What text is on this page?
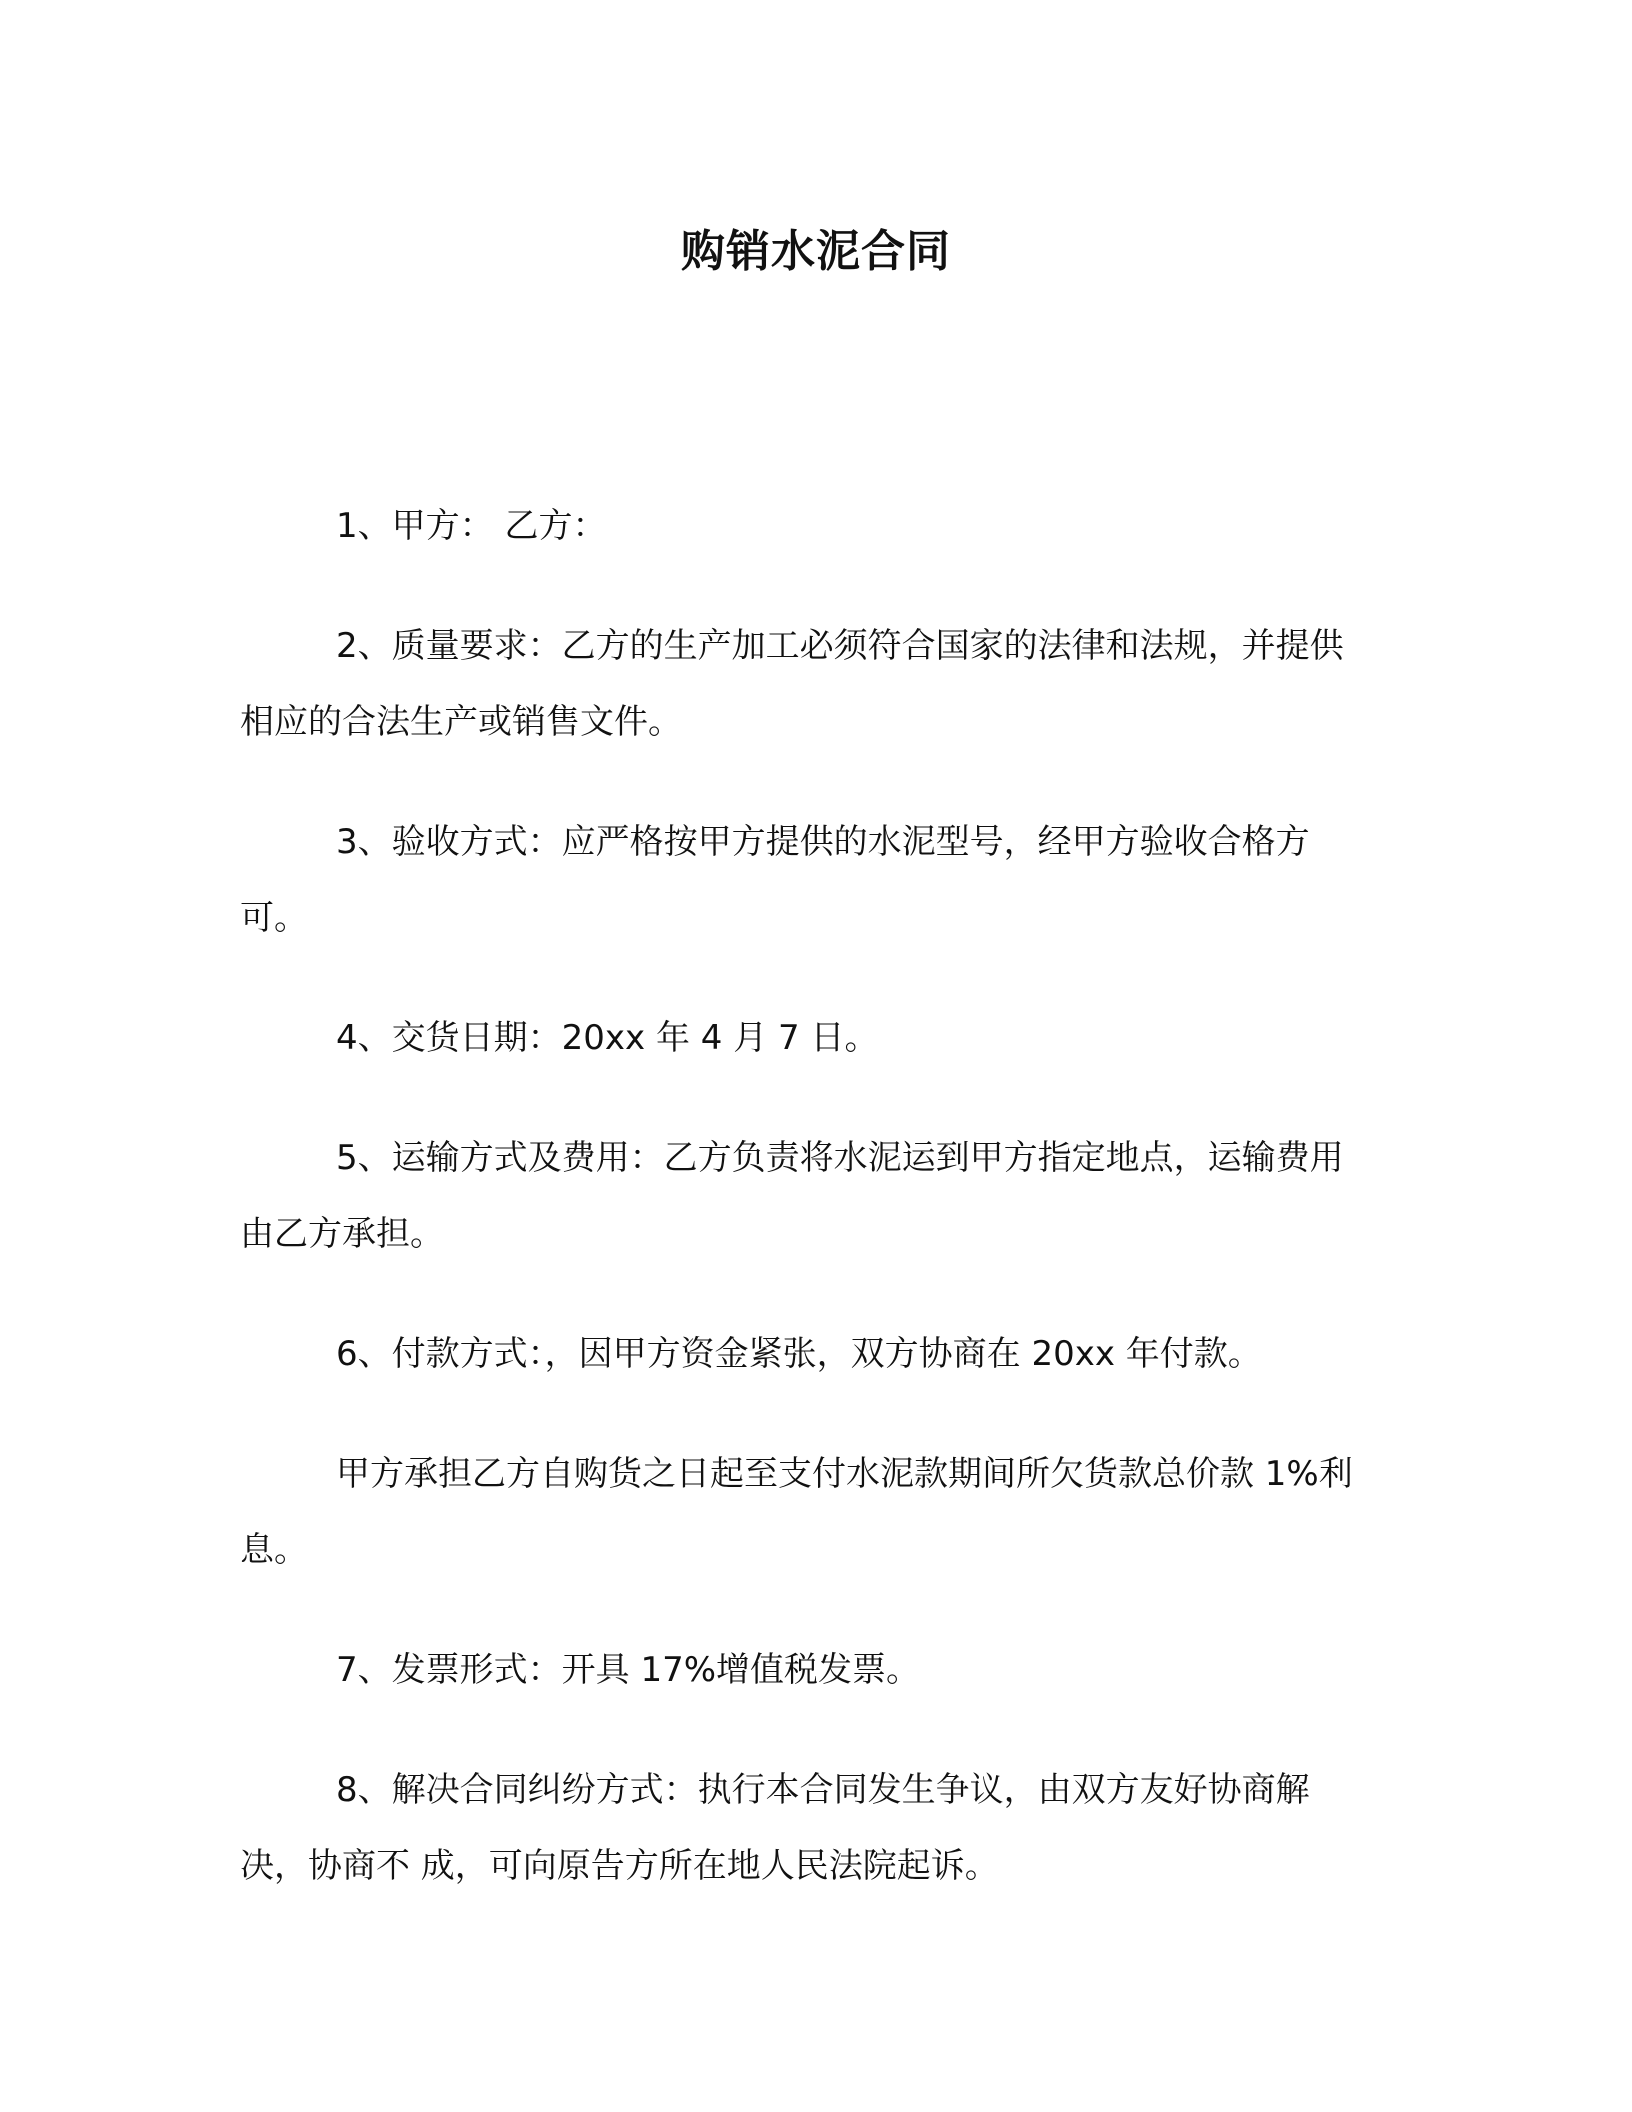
购销水泥合同

1、甲方： 乙方：

2、质量要求：乙方的生产加工必须符合国家的法律和法规，并提供相应的合法生产或销售文件。

3、验收方式：应严格按甲方提供的水泥型号，经甲方验收合格方可。

4、交货日期：20xx 年 4 月 7 日。

5、运输方式及费用：乙方负责将水泥运到甲方指定地点，运输费用由乙方承担。

6、付款方式：，因甲方资金紧张，双方协商在 20xx 年付款。

甲方承担乙方自购货之日起至支付水泥款期间所欠货款总价款 1%利息。

7、发票形式：开具 17%增值税发票。

8、解决合同纠纷方式：执行本合同发生争议，由双方友好协商解决，协商不 成，可向原告方所在地人民法院起诉。
